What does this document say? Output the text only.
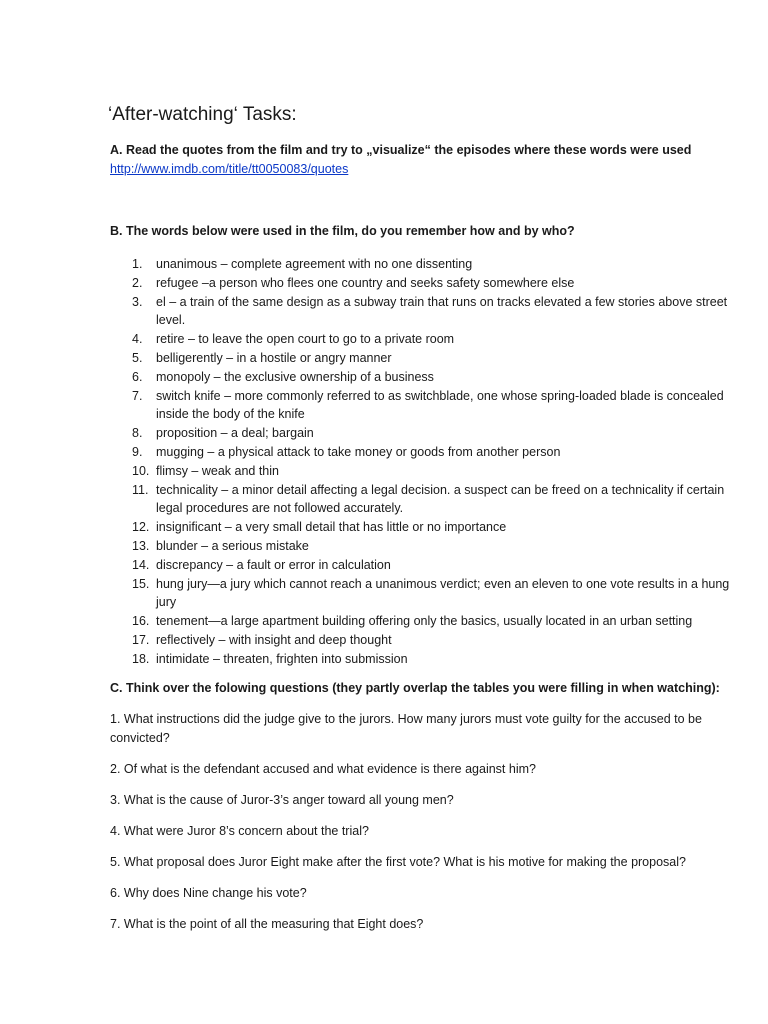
‘After-watching‘ Tasks:

A. Read the quotes from the film and try to „visualize“ the episodes where these words were used

http://www.imdb.com/title/tt0050083/quotes

B. The words below were used in the film, do you remember how and by who?

1. unanimous – complete agreement with no one dissenting
2. refugee –a person who flees one country and seeks safety somewhere else
3. el – a train of the same design as a subway train that runs on tracks elevated a few stories above street level.
4. retire – to leave the open court to go to a private room
5. belligerently – in a hostile or angry manner
6. monopoly – the exclusive ownership of a business
7. switch knife – more commonly referred to as switchblade, one whose spring-loaded blade is concealed inside the body of the knife
8. proposition – a deal; bargain
9. mugging – a physical attack to take money or goods from another person
10. flimsy – weak and thin
11. technicality – a minor detail affecting a legal decision. a suspect can be freed on a technicality if certain legal procedures are not followed accurately.
12. insignificant – a very small detail that has little or no importance
13. blunder – a serious mistake
14. discrepancy – a fault or error in calculation
15. hung jury—a jury which cannot reach a unanimous verdict; even an eleven to one vote results in a hung jury
16. tenement—a large apartment building offering only the basics, usually located in an urban setting
17. reflectively – with insight and deep thought
18. intimidate – threaten, frighten into submission

C. Think over the folowing questions (they partly overlap the tables you were filling in when watching):

1. What instructions did the judge give to the jurors. How many jurors must vote guilty for the accused to be convicted?
2. Of what is the defendant accused and what evidence is there against him?
3. What is the cause of Juror-3’s anger toward all young men?
4. What were Juror 8’s concern about the trial?
5. What proposal does Juror Eight make after the first vote? What is his motive for making the proposal?
6. Why does Nine change his vote?
7. What is the point of all the measuring that Eight does?
